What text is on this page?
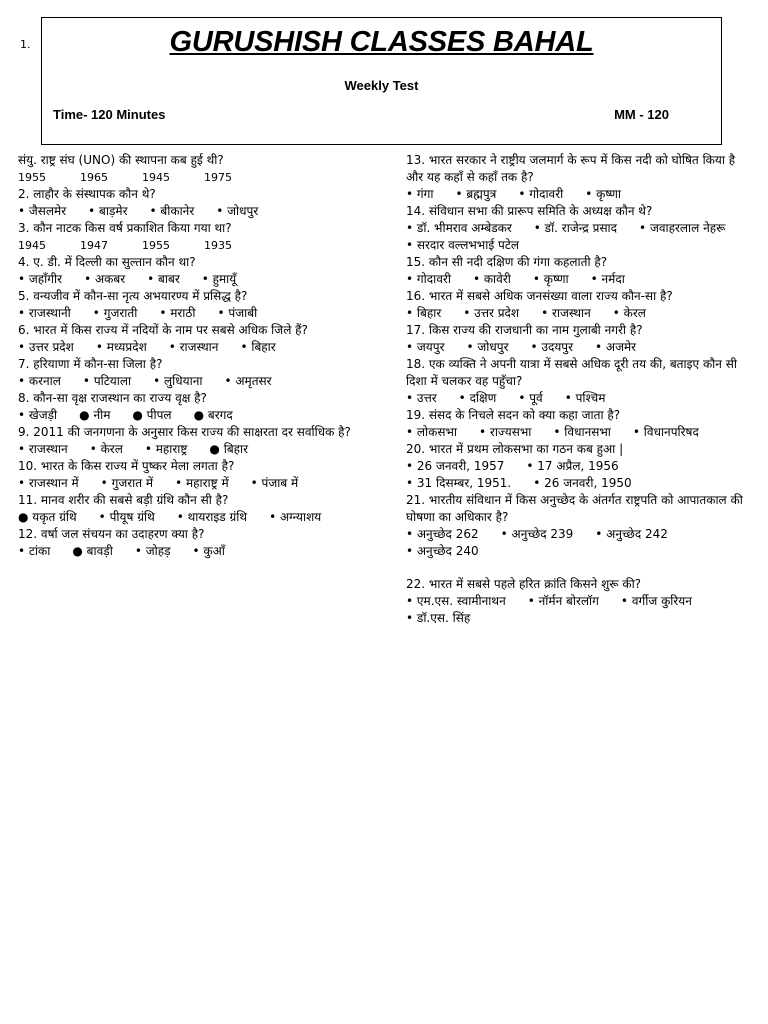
1.	GURUSHISH CLASSES BAHAL
Weekly Test
Time- 120 Minutes	MM - 120
संयु. राष्ट्र संघ (UNO) की स्थापना कब हुई थी?
1955	1965	1945	1975
2. लाहौर के संस्थापक कौन थे?
• जैसलमेर • बाड़मेर • बीकानेर • जोधपुर
3. कौन नाटक किस वर्ष प्रकाशित किया गया था?
1945	1947	1955	1935
4. ए. डी. में दिल्ली का सुल्तान कौन था?
• जहाँगीर • अकबर • बाबर • हुमायूँ
5. वन्यजीव में कौन-सा नृत्य अभयारण्य में प्रसिद्ध है?
• राजस्थानी • गुजराती • मराठी • पंजाबी
6. भारत में किस राज्य में नदियों के नाम पर सबसे अधिक जिले हैं?
• उत्तर प्रदेश • मध्यप्रदेश • राजस्थान • बिहार
7. हरियाणा में कौन-सा जिला है?
• करनाल • पटियाला • लुधियाना • अमृतसर
8. कौन-सा वृक्ष राजस्थान का राज्य वृक्ष है?
• खेजड़ी ● नीम ● पीपल ● बरगद
9. 2011 की जनगणना के अनुसार किस राज्य की साक्षरता दर सर्वाधिक है?
• राजस्थान • केरल • महाराष्ट्र ● बिहार
10. भारत के किस राज्य में पुष्कर मेला लगता है?
• राजस्थान में • गुजरात में • महाराष्ट्र में • पंजाब में
11. मानव शरीर की सबसे बड़ी ग्रंथि कौन सी है?
● यकृत ग्रंथि • पीयूष ग्रंथि • थायराइड ग्रंथि • अग्न्याशय
12. वर्षा जल संचयन का उदाहरण क्या है?
• टांका ● बावड़ी • जोहड़ • कुआँ
13. भारत सरकार ने राष्ट्रीय जलमार्ग के रूप में किस नदी को घोषित किया है और यह कहाँ से कहाँ तक है?
• गंगा • ब्रह्मपुत्र • गोदावरी • कृष्णा
14. संविधान सभा की प्रारूप समिति के अध्यक्ष कौन थे?
• डॉ. भीमराव अम्बेडकर • डॉ. राजेन्द्र प्रसाद • जवाहरलाल नेहरू• सरदार वल्लभभाई पटेल
15. कौन सी नदी दक्षिण की गंगा कहलाती है?
• गोदावरी • कावेरी • कृष्णा • नर्मदा
16. भारत में सबसे अधिक जनसंख्या वाला राज्य कौन-सा है?
• बिहार • उत्तर प्रदेश • राजस्थान • केरल
17. किस राज्य की राजधानी का नाम गुलाबी नगरी है?
• जयपुर • जोधपुर • उदयपुर • अजमेर
18. एक व्यक्ति ने अपनी यात्रा में सबसे अधिक दूरी तय की, बताइए कौन सी दिशा में चलकर वह पहुँचा?
• उत्तर • दक्षिण • पूर्व • पश्चिम
19. संसद के निचले सदन को क्या कहा जाता है?
• लोकसभा • राज्यसभा • विधानसभा • विधानपरिषद
20. भारत में प्रथम लोकसभा का गठन कब हुआ |
• 26 जनवरी, 1957 • 17 अप्रैल, 1956• 31 दिसम्बर, 1951. • 26 जनवरी, 1950
21. भारतीय संविधान में किस अनुच्छेद के अंतर्गत राष्ट्रपति को आपातकाल की घोषणा का अधिकार है?
• अनुच्छेद 262 • अनुच्छेद 239 • अनुच्छेद 242• अनुच्छेद 240
22. भारत में सबसे पहले हरित क्रांति किसने शुरू की?
• एम.एस. स्वामीनाथन • नॉर्मन बोरलॉग • वर्गीज कुरियन• डॉ.एस. सिंह
